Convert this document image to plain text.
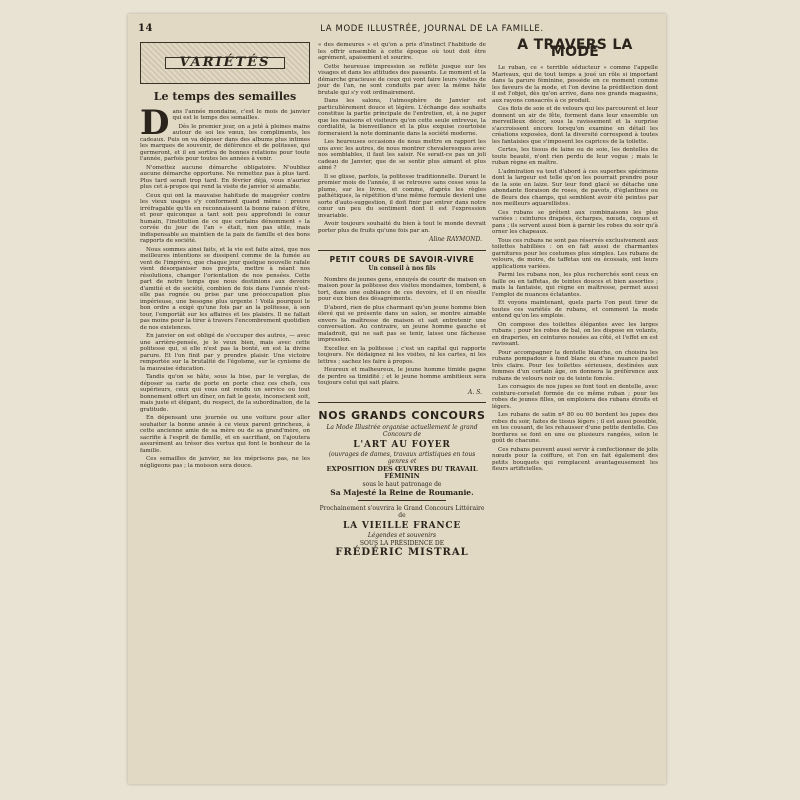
14	LA MODE ILLUSTRÉE, JOURNAL DE LA FAMILLE.
VARIÉTÉS
Le temps des semailles

Dans l'année mondaine, c'est le mois de janvier qui est le temps des semailles.

Dès le premier jour, on a jeté à pleines mains autour de soi les vœux, les compliments, les cadeaux. Puis on va déposer dans des albums plus intimes les marques de souvenir, de déférence et de politesse, qui germeront, et il en sortira de bonnes relations pour toute l'année, parfois pour toutes les années à venir.

N'omettez aucune démarche obligatoire. N'oubliez aucune démarche opportune. Ne remettez pas à plus tard. Plus tard serait trop tard. En février déjà, vous n'auriez plus cet à-propos qui rend la visite de janvier si aimable.

Ceux qui ont la mauvaise habitude de maugréer contre les vieux usages s'y conforment quand même : preuve irréfragable qu'ils en reconnaissent la bonne raison d'être, et pour quiconque a tant soit peu approfondi le cœur humain, l'institution de ce que certains dénomment « la corvée du jour de l'an » était, non pas utile, mais indispensable au maintien de la paix de famille et des bons rapports de société.

Nous sommes ainsi faits, et la vie est faite ainsi, que nos meilleures intentions se dissipent comme de la fumée au vent de l'imprévu, que chaque jour quelque nouvelle rafale vient désorganiser nos projets, mettre à néant nos résolutions, changer l'orientation de nos pensées. Cette part de notre temps que nous destinions aux devoirs d'amitié et de société, combien de fois dans l'année n'est-elle pas rognée ou prise par une préoccupation plus impérieuse, une besogne plus urgente ! Voilà pourquoi le bon ordre a exigé qu'une fois par an la politesse, à son tour, l'emportât sur les affaires et les plaisirs. Il ne fallait pas moins pour la tirer à travers l'encombrement quotidien de nos existences.

En janvier on est obligé de s'occuper des autres, — avec une arrière-pensée, je le veux bien, mais avec cette politesse qui, si elle n'est pas la bonté, en est la divine parure. Et l'on finit par y prendre plaisir. Une victoire remportée sur la brutalité de l'égoïsme, sur le cynisme de la mauvaise éducation.

Tandis qu'on se hâte, sous la bise, par le verglas, de déposer sa carte de porte en porte chez ces chefs, ces supérieurs, ceux qui vous ont rendu un service ou tout bonnement offert un dîner, on fait le geste, inconscient soit, mais juste et élégant, du respect, de la subordination, de la gratitude.

En dépensant une journée ou une voiture pour aller souhaiter la bonne année à ce vieux parent grincheux, à cette ancienne amie de sa mère ou de sa grand'mère, on sacrifie à l'esprit de famille, et en sacrifiant, on l'ajoutera assurément au trésor des vertus qui font le bonheur de la famille.

Ces semailles de janvier, ne les méprisons pas, ne les négligeons pas ; la moisson sera douce.

« des demeures » et qu'on a pris d'instinct l'habitude de les offrir ensemble à cette époque où tout doit être agrément, apaisement et sourire.

Cette heureuse impression se reflète jusque sur les visages et dans les attitudes des passants. Le moment et la démarche gracieuse de ceux qui vont faire leurs visites de jour de l'an, ne sont conduits par avec la même hâte brutale qui s'y voit ordinairement.

Dans les salons, l'atmosphère de Janvier est particulièrement douce et légère. L'échange des souhaits constitue la partie principale de l'entretien, et, à ne juger que les maisons et visiteurs qu'on cette seule entrevue, la cordialité, la bienveillance et la plus exquise courtoisie formeraient la note dominante dans la société moderne.

Les heureuses occasions de nous mettre en rapport les uns avec les autres, de nous montrer chevaleresques avec nos semblables, il faut les saisir. Ne serait-ce pas un joli cadeau de Janvier, que de se sentir plus aimant et plus aimé ?

Il se glisse, parfois, la politesse traditionnelle. Durant le premier mois de l'année, il se retrouve sans cesse sous la plume, sur les livres, et comme, d'après les règles pathétiques, la répétition d'une même formule devient une sorte d'auto-suggestion, il doit finir par entrer dans notre cœur un peu du sentiment dont il est l'expression invariable.

Avoir toujours souhaité du bien à tout le monde devrait porter plus de fruits qu'une fois par an.

Aline RAYMOND.
PETIT COURS DE SAVOIR-VIVRE
Un conseil à nos fils

Nombre de jeunes gens, ennuyés de courir de maison en maison pour la politesse des visites mondaines, tombent, à tort, dans une oubliance de ces devoirs, et il en résulte pour eux bien des désagréments.

D'abord, rien de plus charmant qu'un jeune homme bien élevé qui se présente dans un salon, se montre aimable envers la maîtresse de maison et sait entretenir une conversation. Au contraire, un jeune homme gauche et maladroit, qui ne sait pas se tenir, laisse une fâcheuse impression.

Excellez en la politesse ; c'est un capital qui rapporte toujours. Ne dédaignez ni les visites, ni les cartes, ni les lettres ; sachez les faire à propos.

Heureux et malheureux, le jeune homme timide gagne de perdre sa timidité ; et le jeune homme ambitieux sera toujours celui qui sait plaire.

A. S.
NOS GRANDS CONCOURS
La Mode Illustrée organise actuellement le grand Concours de
L'ART AU FOYER
(ouvrages de dames, travaux artistiques en tous genres et
EXPOSITION DES ŒUVRES DU TRAVAIL FÉMININ
sous le haut patronage de
Sa Majesté la Reine de Roumanie.
Prochainement s'ouvrira le Grand Concours Littéraire de
LA VIEILLE FRANCE
Légendes et souvenirs
SOUS LA PRÉSIDENCE DE
FRÉDÉRIC MISTRAL
A TRAVERS LA MODE

Le ruban, ce « terrible séducteur » comme l'appelle Marivaux, qui de tout temps a joué un rôle si important dans la parure féminine, possède en ce moment comme les faveurs de la mode, et l'on devine la prédilection dont il est l'objet, dès qu'on arrive, dans nos grands magasins, aux rayons consacrés à ce produit.

Ces flots de soie et de velours qui les parcourent et leur donnent un air de fête, forment dans leur ensemble un merveilleux décor, sous la ravissement et la surprise s'accroissent encore lorsqu'on examine en détail les créations exposées, dont la diversité correspond à toutes les fantaisies que s'imposent les caprices de la toilette.

Certes, les tissus de laine ou de soie, les dentelles de toute beauté, n'ont rien perdu de leur vogue ; mais le ruban règne en maître.

L'admiration va tout d'abord à ces superbes spécimens dont la largeur est telle qu'on les pourrait prendre pour de la soie en laize. Sur leur fond glacé se détache une abondante floraison de roses, de pavots, d'églantines ou de fleurs des champs, qui semblent avoir été peintes par nos meilleurs aquarellistes.

Ces rubans se prêtent aux combinaisons les plus variées : ceintures drapées, écharpes, nœuds, coques et pans ; ils servent aussi bien à garnir les robes du soir qu'à orner les chapeaux.

Tous ces rubans ne sont pas réservés exclusivement aux toilettes habillées : on en fait aussi de charmantes garnitures pour les costumes plus simples. Les rubans de velours, de moire, de taffetas uni ou écossais, ont leurs applications variées.

Parmi les rubans non, les plus recherchés sont ceux en faille ou en taffetas, de teintes douces et bien assorties ; mais la fantaisie, qui règne en maîtresse, permet aussi l'emploi de nuances éclatantes.

Et voyons maintenant, quels parts l'on peut tirer de toutes ces variétés de rubans, et comment la mode entend qu'on les emploie.

On compose des toilettes élégantes avec les larges rubans ; pour les robes de bal, on les dispose en volants, en draperies, en ceintures nouées au côté, et l'effet en est ravissant.

Pour accompagner la dentelle blanche, on choisira les rubans pompadour à fond blanc ou d'une nuance pastel très claire. Pour les toilettes sérieuses, destinées aux femmes d'un certain âge, on donnera la préférence aux rubans de velours noir ou de teinte foncée.

Les corsages de nos jupes se font tout en dentelle, avec ceinture-corselet formée de ce même ruban ; pour les robes de jeunes filles, on emploiera des rubans étroits et légers.

Les rubans de satin nº 80 ou 60 bordent les jupes des robes du soir, faites de tissus légers ; il est aussi possible, en les cousant, de les rehausser d'une petite dentelle. Ces bordures se font en une ou plusieurs rangées, selon le goût de chacune.

Ces rubans peuvent aussi servir à confectionner de jolis nœuds pour la coiffure, et l'on en fait également des petits bouquets qui remplacent avantageusement les fleurs artificielles.
